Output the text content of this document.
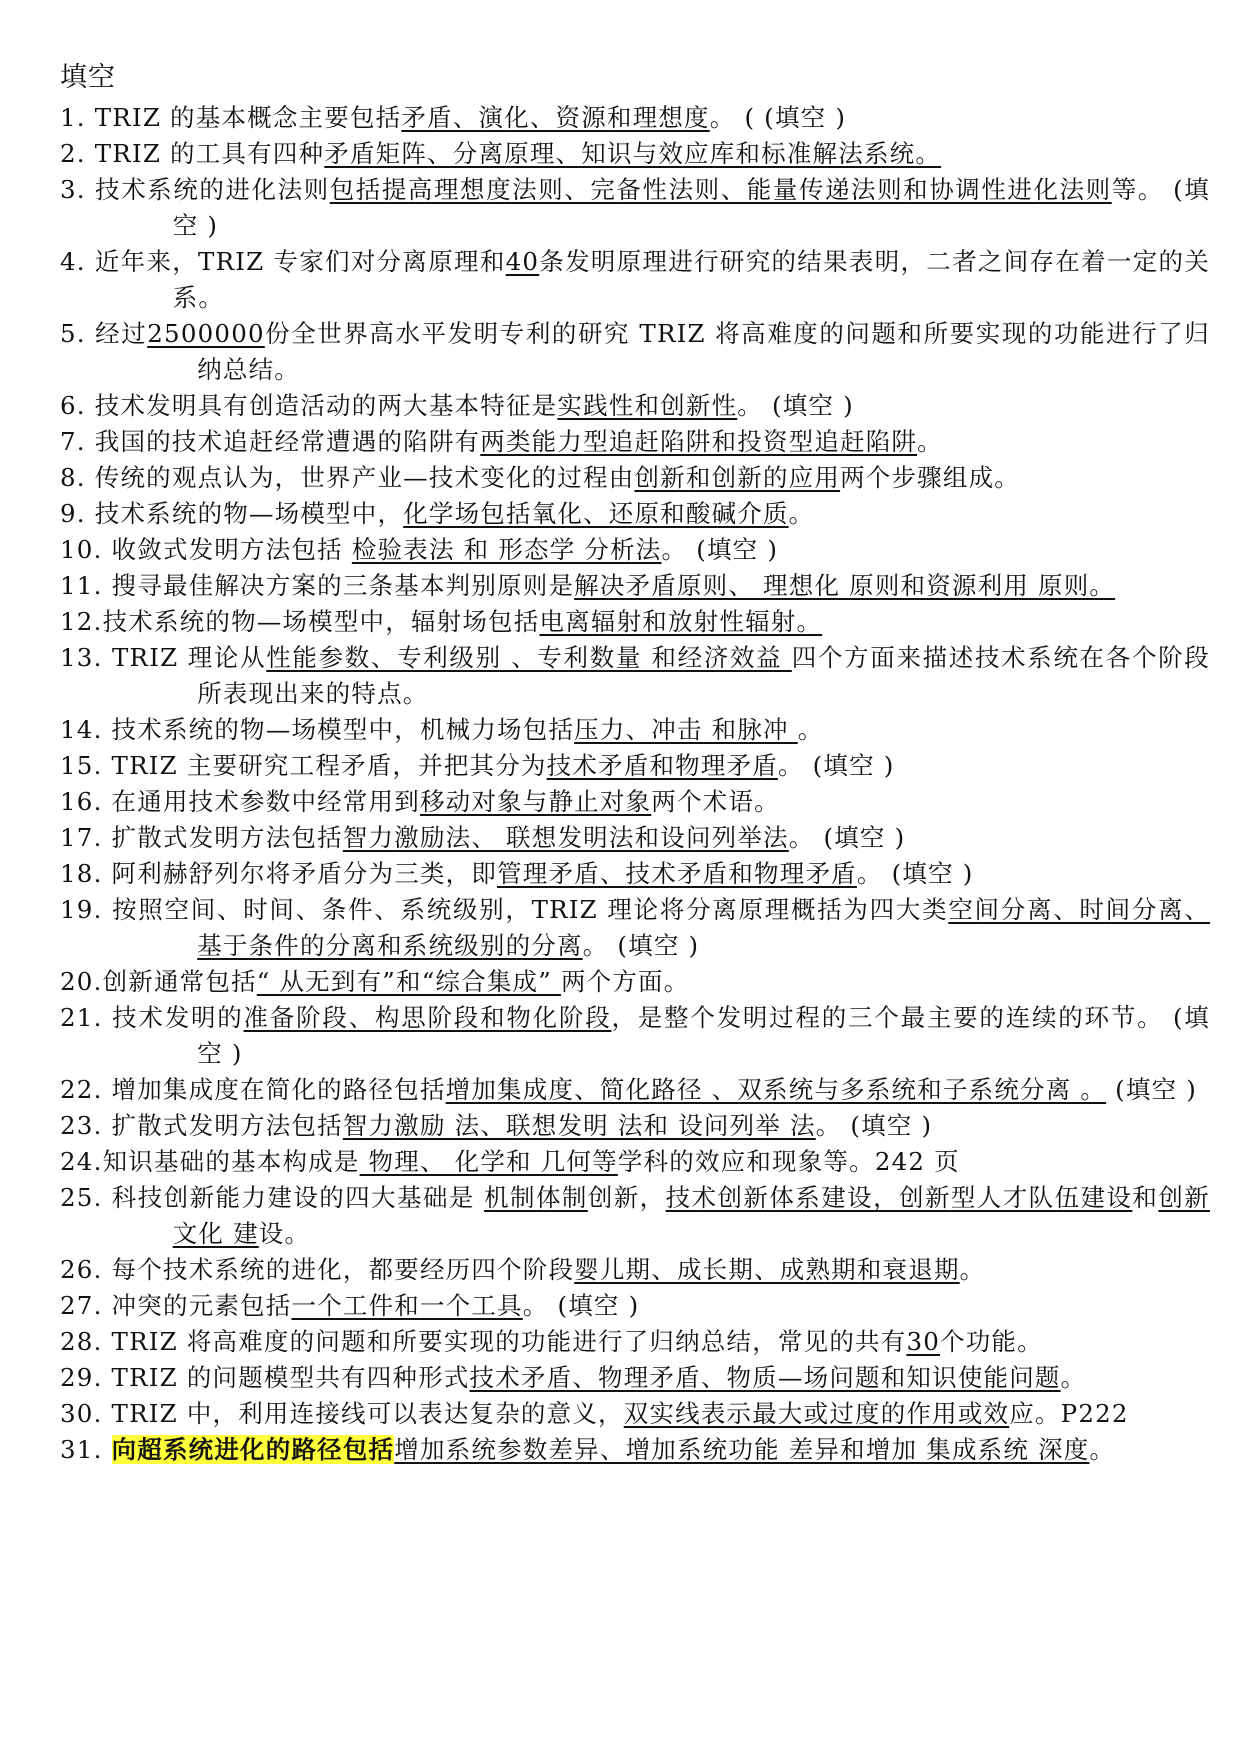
填空
1. TRIZ 的基本概念主要包括矛盾、演化、资源和理想度。 ( (填空 )
2. TRIZ 的工具有四种矛盾矩阵、分离原理、知识与效应库和标准解法系统。
3. 技术系统的进化法则包括提高理想度法则、完备性法则、能量传递法则和协调性进化法则等。 (填空 )
4. 近年来，TRIZ 专家们对分离原理和40条发明原理进行研究的结果表明，二者之间存在着一定的关系。
5. 经过2500000份全世界高水平发明专利的研究 TRIZ 将高难度的问题和所要实现的功能进行了归纳总结。
6. 技术发明具有创造活动的两大基本特征是实践性和创新性。 (填空 )
7. 我国的技术追赶经常遭遇的陷阱有两类能力型追赶陷阱和投资型追赶陷阱。
8. 传统的观点认为，世界产业—技术变化的过程由创新和创新的应用两个步骤组成。
9. 技术系统的物—场模型中，化学场包括氧化、还原和酸碱介质。
10. 收敛式发明方法包括 检验表法 和 形态学 分析法。 (填空 )
11. 搜寻最佳解决方案的三条基本判别原则是解决矛盾原则、 理想化 原则和资源利用 原则。
12.技术系统的物—场模型中，辐射场包括电离辐射和放射性辐射。
13. TRIZ 理论从性能参数、专利级别 、专利数量 和经济效益 四个方面来描述技术系统在各个阶段所表现出来的特点。
14. 技术系统的物—场模型中，机械力场包括压力、冲击 和脉冲 。
15. TRIZ 主要研究工程矛盾，并把其分为技术矛盾和物理矛盾。 (填空 )
16. 在通用技术参数中经常用到移动对象与静止对象两个术语。
17. 扩散式发明方法包括智力激励法、 联想发明法和设问列举法。 (填空 )
18. 阿利赫舒列尔将矛盾分为三类，即管理矛盾、技术矛盾和物理矛盾。 (填空 )
19. 按照空间、时间、条件、系统级别，TRIZ 理论将分离原理概括为四大类空间分离、时间分离、基于条件的分离和系统级别的分离。 (填空 )
20.创新通常包括“ 从无到有”和“综合集成” 两个方面。
21. 技术发明的准备阶段、构思阶段和物化阶段，是整个发明过程的三个最主要的连续的环节。 (填空 )
22. 增加集成度在简化的路径包括增加集成度、简化路径 、双系统与多系统和子系统分离 。 (填空 )
23. 扩散式发明方法包括智力激励 法、联想发明 法和 设问列举 法。 (填空 )
24.知识基础的基本构成是 物理、 化学和 几何等学科的效应和现象等。242 页
25. 科技创新能力建设的四大基础是 机制体制创新，技术创新体系建设，创新型人才队伍建设和创新文化 建设。
26. 每个技术系统的进化，都要经历四个阶段婴儿期、成长期、成熟期和衰退期。
27. 冲突的元素包括一个工件和一个工具。 (填空 )
28. TRIZ 将高难度的问题和所要实现的功能进行了归纳总结，常见的共有30个功能。
29. TRIZ 的问题模型共有四种形式技术矛盾、物理矛盾、物质—场问题和知识使能问题。
30. TRIZ 中，利用连接线可以表达复杂的意义，双实线表示最大或过度的作用或效应。P222
31. 向超系统进化的路径包括增加系统参数差异、增加系统功能 差异和增加 集成系统 深度。
